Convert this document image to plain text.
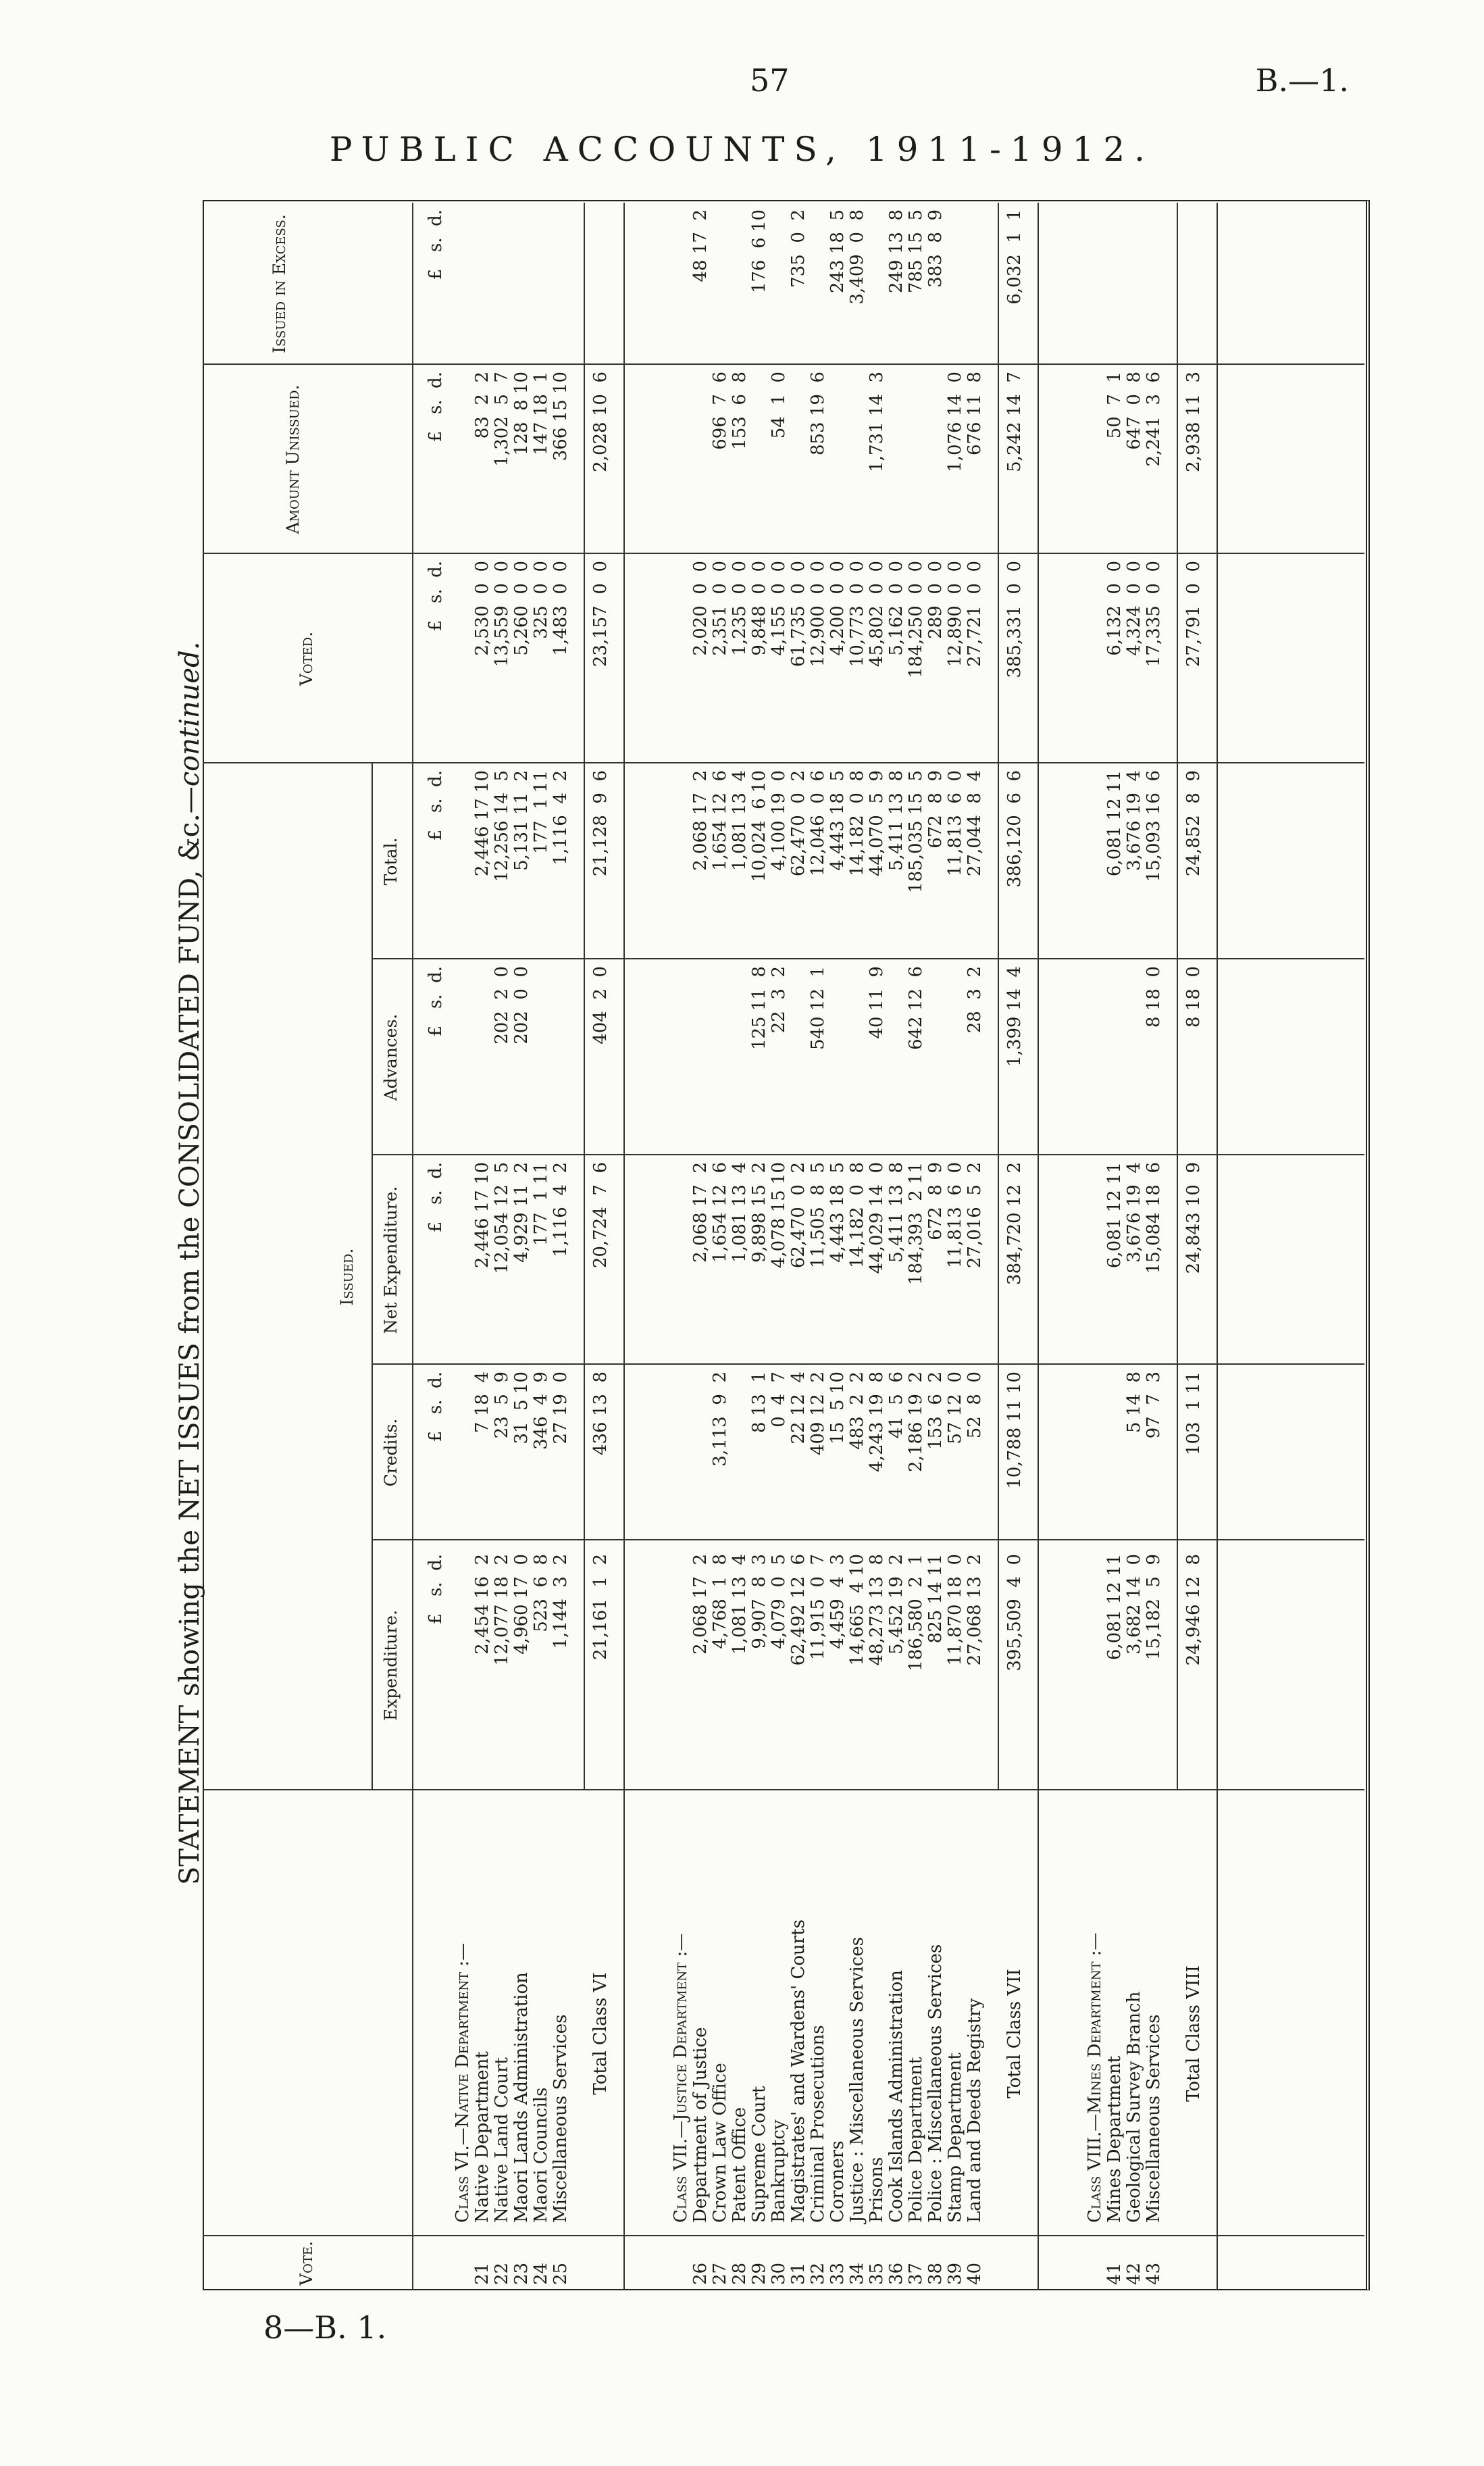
57	B.—1.
PUBLIC ACCOUNTS, 1911-1912.
STATEMENT showing the NET ISSUES from the CONSOLIDATED FUND, &c.—continued.
8—B. 1.
Vote.
Issued.
Expenditure.
Credits.
Net Expenditure.
Advances.
Total.
Voted.
Amount Unissued.
Issued in Excess.
£   s.  d.
£   s.  d.
£   s.  d.
£   s.  d.
£   s.  d.
£   s.  d.
£   s.  d.
£   s.  d.
Class VI.—Native Department :—
21
Native Department
2,454 16  2
7 18  4
2,446 17 10
2,446 17 10
2,530  0  0
83  2  2
22
Native Land Court
12,077 18  2
23  5  9
12,054 12  5
202  2  0
12,256 14  5
13,559  0  0
1,302  5  7
23
Maori Lands Administration
4,960 17  0
31  5 10
4,929 11  2
202  0  0
5,131 11  2
5,260  0  0
128  8 10
24
Maori Councils
523  6  8
346  4  9
177  1 11
177  1 11
325  0  0
147 18  1
25
Miscellaneous Services
1,144  3  2
27 19  0
1,116  4  2
1,116  4  2
1,483  0  0
366 15 10
Total Class VI
21,161  1  2
436 13  8
20,724  7  6
404  2  0
21,128  9  6
23,157  0  0
2,028 10  6
Class VII.—Justice Department :—
26
Department of Justice
2,068 17  2
2,068 17  2
2,068 17  2
2,020  0  0
48 17  2
27
Crown Law Office
4,768  1  8
3,113  9  2
1,654 12  6
1,654 12  6
2,351  0  0
696  7  6
28
Patent Office
1,081 13  4
1,081 13  4
1,081 13  4
1,235  0  0
153  6  8
29
Supreme Court
9,907  8  3
8 13  1
9,898 15  2
125 11  8
10,024  6 10
9,848  0  0
176  6 10
30
Bankruptcy
4,079  0  5
0  4  7
4,078 15 10
22  3  2
4,100 19  0
4,155  0  0
54  1  0
31
Magistrates' and Wardens' Courts
62,492 12  6
22 12  4
62,470  0  2
62,470  0  2
61,735  0  0
735  0  2
32
Criminal Prosecutions
11,915  0  7
409 12  2
11,505  8  5
540 12  1
12,046  0  6
12,900  0  0
853 19  6
33
Coroners
4,459  4  3
15  5 10
4,443 18  5
4,443 18  5
4,200  0  0
243 18  5
34
Justice : Miscellaneous Services
14,665  4 10
483  2  2
14,182  0  8
14,182  0  8
10,773  0  0
3,409  0  8
35
Prisons
48,273 13  8
4,243 19  8
44,029 14  0
40 11  9
44,070  5  9
45,802  0  0
1,731 14  3
36
Cook Islands Administration
5,452 19  2
41  5  6
5,411 13  8
5,411 13  8
5,162  0  0
249 13  8
37
Police Department
186,580  2  1
2,186 19  2
184,393  2 11
642 12  6
185,035 15  5
184,250  0  0
785 15  5
38
Police : Miscellaneous Services
825 14 11
153  6  2
672  8  9
672  8  9
289  0  0
383  8  9
39
Stamp Department
11,870 18  0
57 12  0
11,813  6  0
11,813  6  0
12,890  0  0
1,076 14  0
40
Land and Deeds Registry
27,068 13  2
52  8  0
27,016  5  2
28  3  2
27,044  8  4
27,721  0  0
676 11  8
Total Class VII
395,509  4  0
10,788 11 10
384,720 12  2
1,399 14  4
386,120  6  6
385,331  0  0
5,242 14  7
6,032  1  1
Class VIII.—Mines Department :—
41
Mines Department
6,081 12 11
6,081 12 11
6,081 12 11
6,132  0  0
50  7  1
42
Geological Survey Branch
3,682 14  0
5 14  8
3,676 19  4
3,676 19  4
4,324  0  0
647  0  8
43
Miscellaneous Services
15,182  5  9
97  7  3
15,084 18  6
8 18  0
15,093 16  6
17,335  0  0
2,241  3  6
Total Class VIII
24,946 12  8
103  1 11
24,843 10  9
8 18  0
24,852  8  9
27,791  0  0
2,938 11  3
